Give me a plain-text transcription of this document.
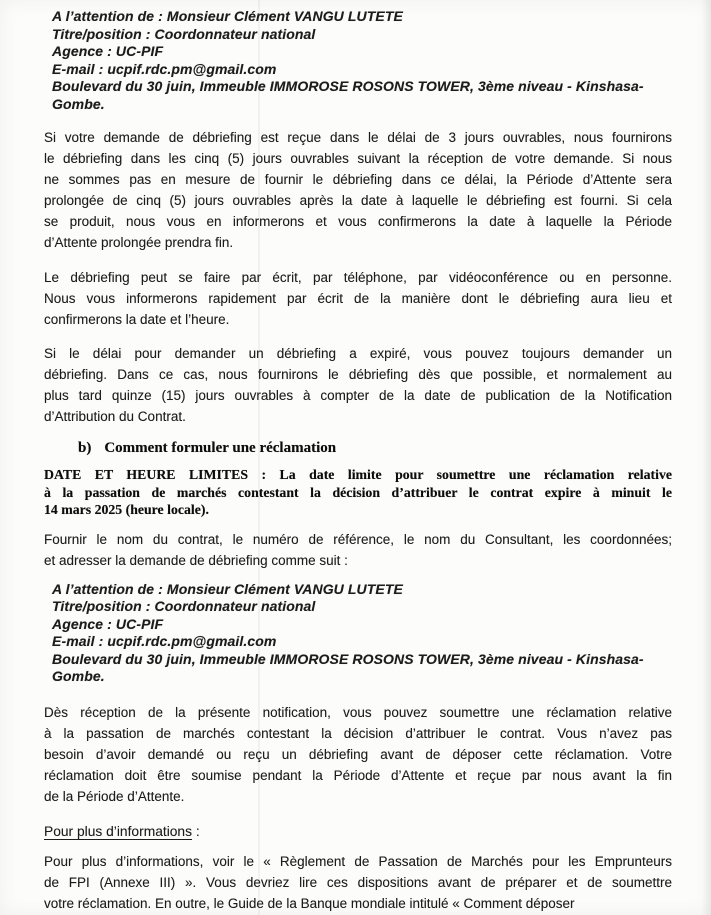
A l’attention de : Monsieur Clément VANGU LUTETE
Titre/position : Coordonnateur national
Agence : UC-PIF
E-mail : ucpif.rdc.pm@gmail.com
Boulevard du 30 juin, Immeuble IMMOROSE ROSONS TOWER, 3ème niveau - Kinshasa-
Gombe.
Si votre demande de débriefing est reçue dans le délai de 3 jours ouvrables, nous fournirons
le débriefing dans les cinq (5) jours ouvrables suivant la réception de votre demande. Si nous
ne sommes pas en mesure de fournir le débriefing dans ce délai, la Période d’Attente sera
prolongée de cinq (5) jours ouvrables après la date à laquelle le débriefing est fourni. Si cela
se produit, nous vous en informerons et vous confirmerons la date à laquelle la Période
d’Attente prolongée prendra fin.
Le débriefing peut se faire par écrit, par téléphone, par vidéoconférence ou en personne.
Nous vous informerons rapidement par écrit de la manière dont le débriefing aura lieu et
confirmerons la date et l’heure.
Si le délai pour demander un débriefing a expiré, vous pouvez toujours demander un
débriefing. Dans ce cas, nous fournirons le débriefing dès que possible, et normalement au
plus tard quinze (15) jours ouvrables à compter de la date de publication de la Notification
d’Attribution du Contrat.
b) Comment formuler une réclamation
DATE ET HEURE LIMITES : La date limite pour soumettre une réclamation relative
à la passation de marchés contestant la décision d’attribuer le contrat expire à minuit le
14 mars 2025 (heure locale).
Fournir le nom du contrat, le numéro de référence, le nom du Consultant, les coordonnées;
et adresser la demande de débriefing comme suit :
A l’attention de : Monsieur Clément VANGU LUTETE
Titre/position : Coordonnateur national
Agence : UC-PIF
E-mail : ucpif.rdc.pm@gmail.com
Boulevard du 30 juin, Immeuble IMMOROSE ROSONS TOWER, 3ème niveau - Kinshasa-
Gombe.
Dès réception de la présente notification, vous pouvez soumettre une réclamation relative
à la passation de marchés contestant la décision d’attribuer le contrat. Vous n’avez pas
besoin d’avoir demandé ou reçu un débriefing avant de déposer cette réclamation. Votre
réclamation doit être soumise pendant la Période d’Attente et reçue par nous avant la fin
de la Période d’Attente.
Pour plus d’informations :
Pour plus d’informations, voir le « Règlement de Passation de Marchés pour les Emprunteurs
de FPI (Annexe III) ». Vous devriez lire ces dispositions avant de préparer et de soumettre
votre réclamation. En outre, le Guide de la Banque mondiale intitulé « Comment déposer
